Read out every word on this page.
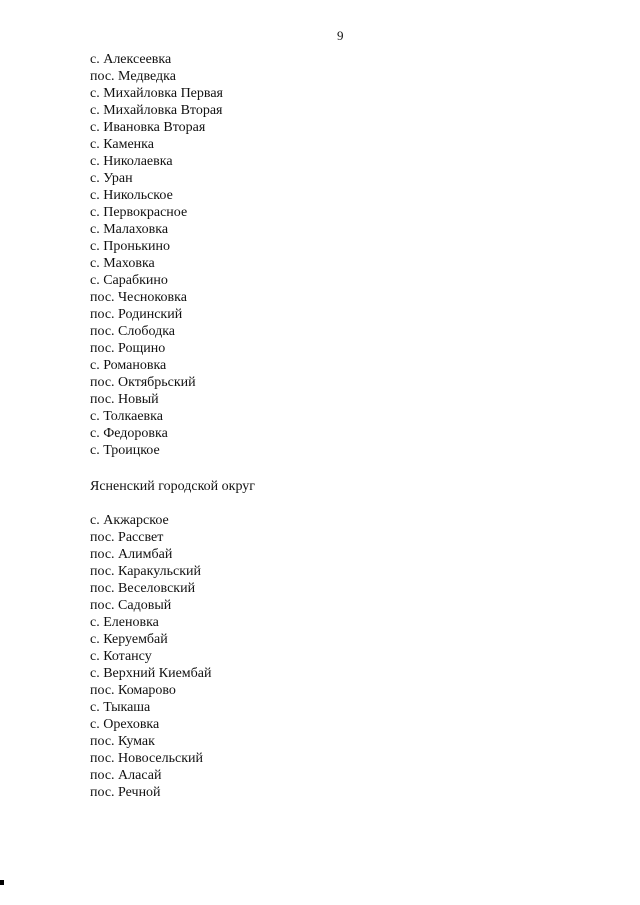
9
с. Алексеевка
пос. Медведка
с. Михайловка Первая
с. Михайловка Вторая
с. Ивановка Вторая
с. Каменка
с. Николаевка
с. Уран
с. Никольское
с. Первокрасное
с. Малаховка
с. Пронькино
с. Маховка
с. Сарабкино
пос. Чесноковка
пос. Родинский
пос. Слободка
пос. Рощино
с. Романовка
пос. Октябрьский
пос. Новый
с. Толкаевка
с. Федоровка
с. Троицкое
Ясненский городской округ
с. Акжарское
пос. Рассвет
пос. Алимбай
пос. Каракульский
пос. Веселовский
пос. Садовый
с. Еленовка
с. Керуембай
с. Котансу
с. Верхний Киембай
пос. Комарово
с. Тыкаша
с. Ореховка
пос. Кумак
пос. Новосельский
пос. Аласай
пос. Речной
